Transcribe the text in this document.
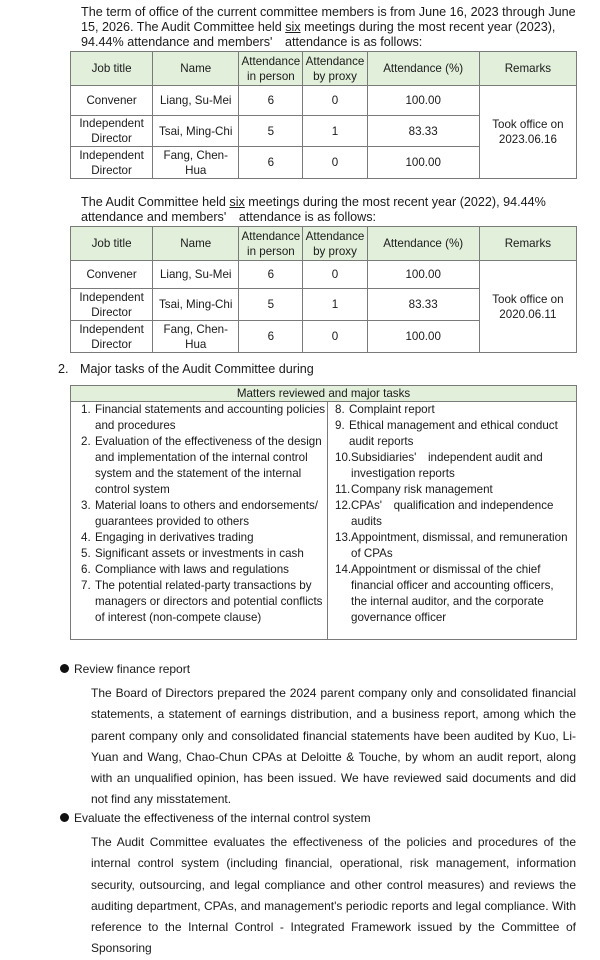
The term of office of the current committee members is from June 16, 2023 through June 15, 2026. The Audit Committee held six meetings during the most recent year (2023), 94.44% attendance and members'　attendance is as follows:
Job title	Name	Attendance in person	Attendance by proxy	Attendance (%)	Remarks
Convener	Liang, Su-Mei	6	0	100.00	Took office on 2023.06.16
Independent Director	Tsai, Ming-Chi	5	1	83.33	
Independent Director	Fang, Chen-Hua	6	0	100.00	
The Audit Committee held six meetings during the most recent year (2022), 94.44% attendance and members'　attendance is as follows:
Job title	Name	Attendance in person	Attendance by proxy	Attendance (%)	Remarks
Convener	Liang, Su-Mei	6	0	100.00	Took office on 2020.06.11
Independent Director	Tsai, Ming-Chi	5	1	83.33	
Independent Director	Fang, Chen-Hua	6	0	100.00	
2. Major tasks of the Audit Committee during
Matters reviewed and major tasks
1. Financial statements and accounting policies and procedures
2. Evaluation of the effectiveness of the design and implementation of the internal control system and the statement of the internal control system
3. Material loans to others and endorsements/ guarantees provided to others
4. Engaging in derivatives trading
5. Significant assets or investments in cash
6. Compliance with laws and regulations
7. The potential related-party transactions by managers or directors and potential conflicts of interest (non-compete clause)
8. Complaint report
9. Ethical management and ethical conduct audit reports
10. Subsidiaries'　independent audit and investigation reports
11. Company risk management
12. CPAs'　qualification and independence audits
13. Appointment, dismissal, and remuneration of CPAs
14. Appointment or dismissal of the chief financial officer and accounting officers, the internal auditor, and the corporate governance officer
Review finance report
The Board of Directors prepared the 2024 parent company only and consolidated financial statements, a statement of earnings distribution, and a business report, among which the parent company only and consolidated financial statements have been audited by Kuo, Li-Yuan and Wang, Chao-Chun CPAs at Deloitte & Touche, by whom an audit report, along with an unqualified opinion, has been issued. We have reviewed said documents and did not find any misstatement.
Evaluate the effectiveness of the internal control system
The Audit Committee evaluates the effectiveness of the policies and procedures of the internal control system (including financial, operational, risk management, information security, outsourcing, and legal compliance and other control measures) and reviews the auditing department, CPAs, and management's periodic reports and legal compliance. With reference to the Internal Control - Integrated Framework issued by the Committee of Sponsoring
